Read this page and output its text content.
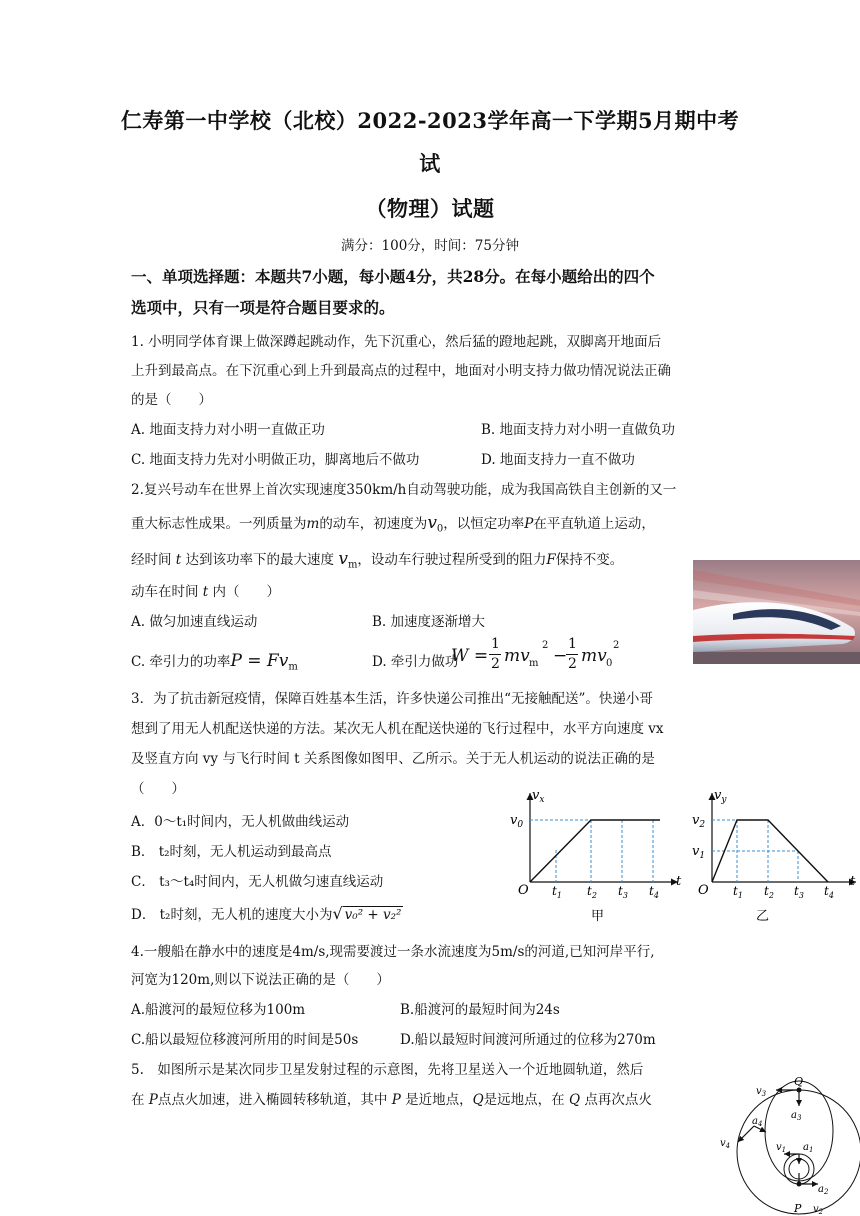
仁寿第一中学校（北校）2022-2023学年高一下学期5月期中考
试
（物理）试题
满分：100分，时间：75分钟
一、单项选择题：本题共7小题，每小题4分，共28分。在每小题给出的四个
选项中，只有一项是符合题目要求的。
1. 小明同学体育课上做深蹲起跳动作，先下沉重心，然后猛的蹬地起跳，双脚离开地面后
上升到最高点。在下沉重心到上升到最高点的过程中，地面对小明支持力做功情况说法正确
的是（　　）
A. 地面支持力对小明一直做正功	B. 地面支持力对小明一直做负功
C. 地面支持力先对小明做正功，脚离地后不做功	D. 地面支持力一直不做功
2.复兴号动车在世界上首次实现速度350km/h自动驾驶功能，成为我国高铁自主创新的又一
重大标志性成果。一列质量为m的动车，初速度为$v_0$，以恒定功率P在平直轨道上运动，
经时间 t 达到该功率下的最大速度 $v_m$，设动车行驶过程所受到的阻力F保持不变。
动车在时间 t 内（　　）
A. 做匀加速直线运动	B. 加速度逐渐增大
C. 牵引力的功率$P = Fv_m$	D. 牵引力做功
W =
1
2 mv m
2
−
1
2 mv 0
2
3．为了抗击新冠疫情，保障百姓基本生活，许多快递公司推出“无接触配送”。快递小哥
想到了用无人机配送快递的方法。某次无人机在配送快递的飞行过程中，水平方向速度 vx
及竖直方向 vy 与飞行时间 t 关系图像如图甲、乙所示。关于无人机运动的说法正确的是
（　　）
A．0～t₁时间内，无人机做曲线运动
B． t₂时刻，无人机运动到最高点
C． t₃～t₄时间内，无人机做匀速直线运动
D． t₂时刻，无人机的速度大小为√ v₀² + v₂²
$v_x$
$v_0$
O
t
$t_1$ $t_2$ $t_3$ $t_4$
甲
$v_y$
$v_2$
$v_1$
O
t
$t_1$ $t_2$ $t_3$ $t_4$
乙
4.一艘船在静水中的速度是4m/s,现需要渡过一条水流速度为5m/s的河道,已知河岸平行,
河宽为120m,则以下说法正确的是（　　）
A.船渡河的最短位移为100m	B.船渡河的最短时间为24s
C.船以最短位移渡河所用的时间是50s	D.船以最短时间渡河所通过的位移为270m
5.　如图所示是某次同步卫星发射过程的示意图，先将卫星送入一个近地圆轨道，然后
在 P点点火加速，进入椭圆转移轨道，其中 P 是近地点，Q是远地点，在 Q 点再次点火
Q
P
$v_3$
$a_3$
$a_4$
$v_4$	$v_1$ $a_1$
$a_2$
$v_2$
